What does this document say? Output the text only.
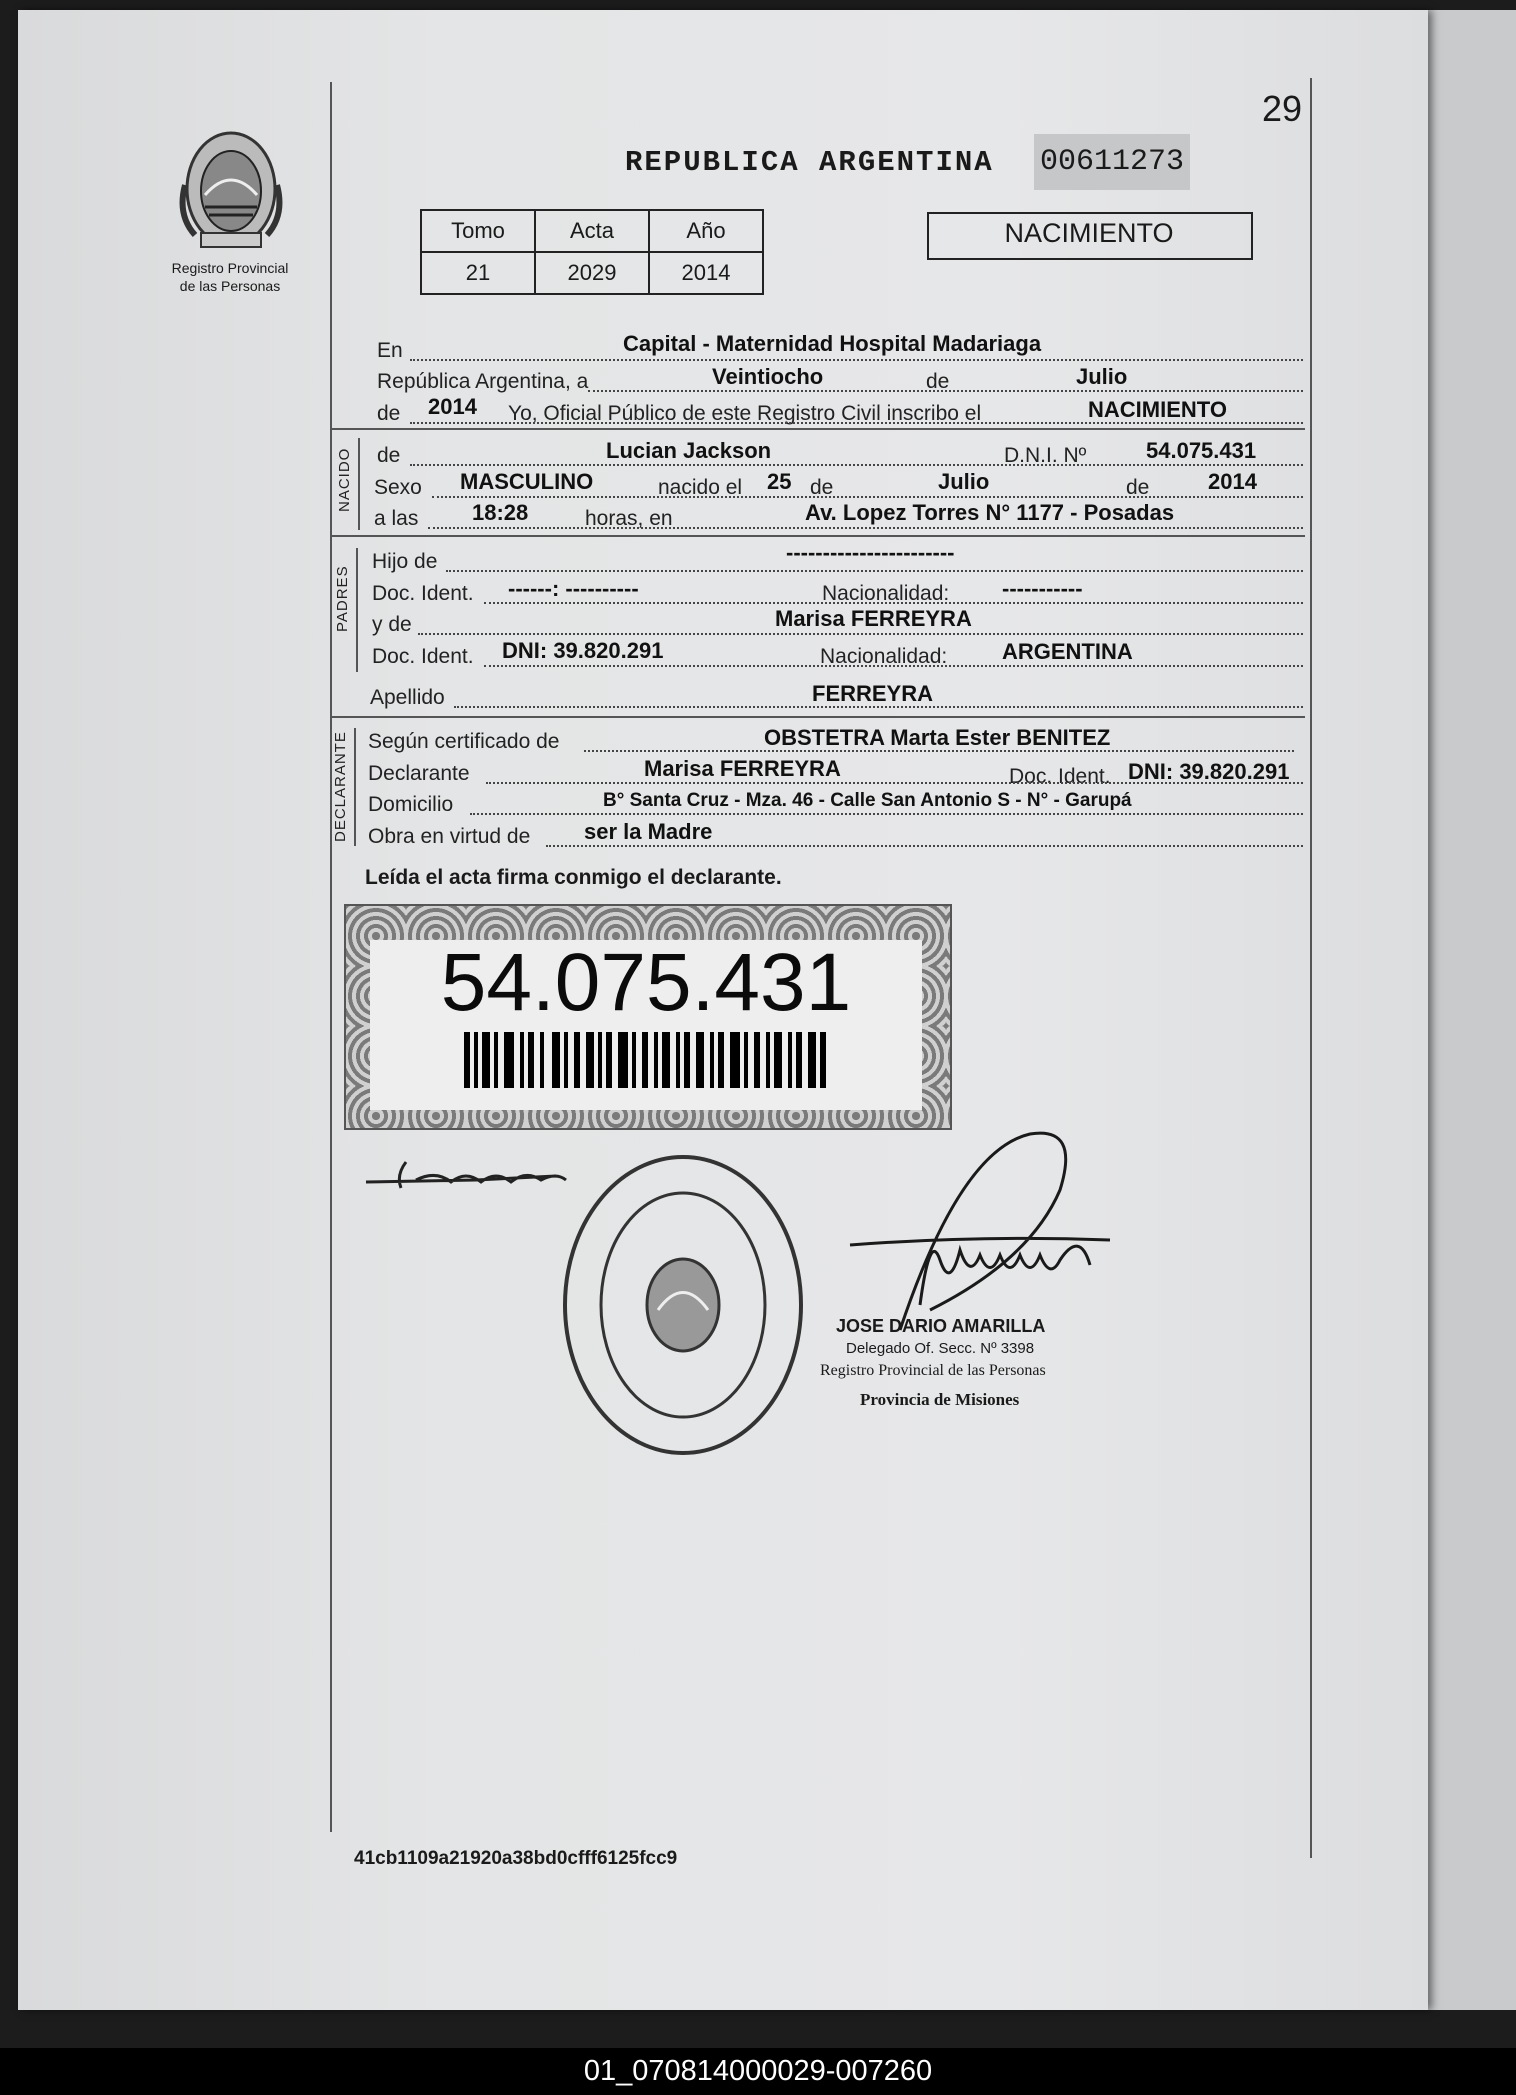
29
Registro Provincial
de las Personas
REPUBLICA ARGENTINA 00611273
NACIMIENTO
Tomo	Acta	Año
21	2029	2014
En	Capital - Maternidad Hospital Madariaga
República Argentina, a	Veintiocho	de	Julio
de 2014 Yo, Oficial Público de este Registro Civil inscribo el	NACIMIENTO
NACIDO de	Lucian Jackson	D.N.I. Nº	54.075.431
Sexo MASCULINO	nacido el 25 de	Julio	de	2014
a las 18:28	horas, en	Av. Lopez Torres N° 1177 - Posadas
PADRES
Hijo de	-----------------------
Doc. Ident. ------: ----------	Nacionalidad: -----------
y de	Marisa FERREYRA
Doc. Ident. DNI: 39.820.291	Nacionalidad: ARGENTINA
Apellido	FERREYRA
DECLARANTE Según certificado de	OBSTETRA Marta Ester BENITEZ
Declarante	Marisa FERREYRA	Doc. Ident. DNI: 39.820.291
Domicilio	B° Santa Cruz - Mza. 46 - Calle San Antonio S - N° - Garupá
Obra en virtud de ser la Madre
Leída el acta firma conmigo el declarante.
54.075.431
JOSE DARIO AMARILLA
Delegado Of. Secc. Nº 3398
Registro Provincial de las Personas
Provincia de Misiones
41cb1109a21920a38bd0cfff6125fcc9
01_070814000029-007260
